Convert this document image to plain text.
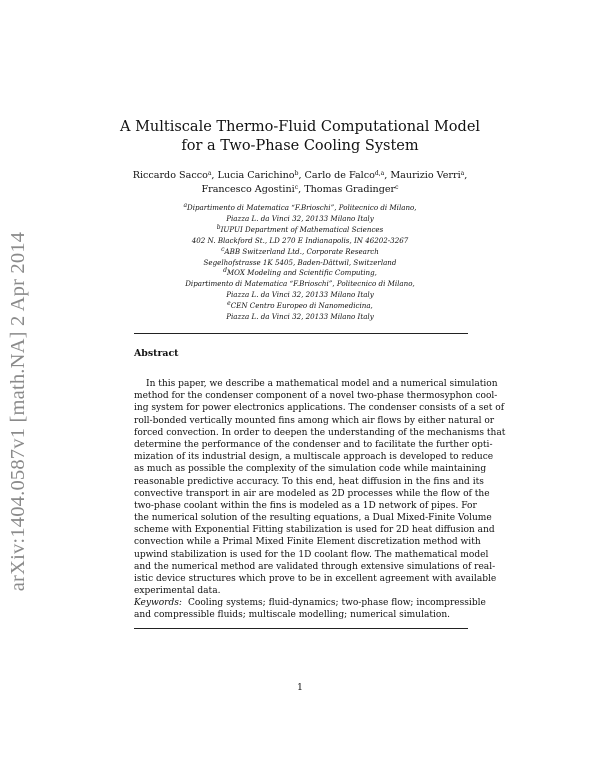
arXiv:1404.0587v1 [math.NA] 2 Apr 2014
A Multiscale Thermo-Fluid Computational Model
for a Two-Phase Cooling System
Riccardo Sacco$^a$, Lucia Carichino$^b$, Carlo de Falco$^{d,a}$, Maurizio Verri$^a$,
Francesco Agostini$^c$, Thomas Gradinger$^c$
$^a$Dipartimento di Matematica “F.Brioschi”, Politecnico di Milano,
Piazza L. da Vinci 32, 20133 Milano Italy
$^b$IUPUI Department of Mathematical Sciences
402 N. Blackford St., LD 270 E Indianapolis, IN 46202-3267
$^c$ABB Switzerland Ltd., Corporate Research
Segelhofstrasse 1K 5405, Baden-Dättwil, Switzerland
$^d$MOX Modeling and Scientific Computing,
Dipartimento di Matematica “F.Brioschi”, Politecnico di Milano,
Piazza L. da Vinci 32, 20133 Milano Italy
$^e$CEN Centro Europeo di Nanomedicina,
Piazza L. da Vinci 32, 20133 Milano Italy
Abstract
In this paper, we describe a mathematical model and a numerical simulation
method for the condenser component of a novel two-phase thermosyphon cool-
ing system for power electronics applications. The condenser consists of a set of
roll-bonded vertically mounted fins among which air flows by either natural or
forced convection. In order to deepen the understanding of the mechanisms that
determine the performance of the condenser and to facilitate the further opti-
mization of its industrial design, a multiscale approach is developed to reduce
as much as possible the complexity of the simulation code while maintaining
reasonable predictive accuracy. To this end, heat diffusion in the fins and its
convective transport in air are modeled as 2D processes while the flow of the
two-phase coolant within the fins is modeled as a 1D network of pipes. For
the numerical solution of the resulting equations, a Dual Mixed-Finite Volume
scheme with Exponential Fitting stabilization is used for 2D heat diffusion and
convection while a Primal Mixed Finite Element discretization method with
upwind stabilization is used for the 1D coolant flow. The mathematical model
and the numerical method are validated through extensive simulations of real-
istic device structures which prove to be in excellent agreement with available
experimental data.
Keywords: Cooling systems; fluid-dynamics; two-phase flow; incompressible
and compressible fluids; multiscale modelling; numerical simulation.
1
